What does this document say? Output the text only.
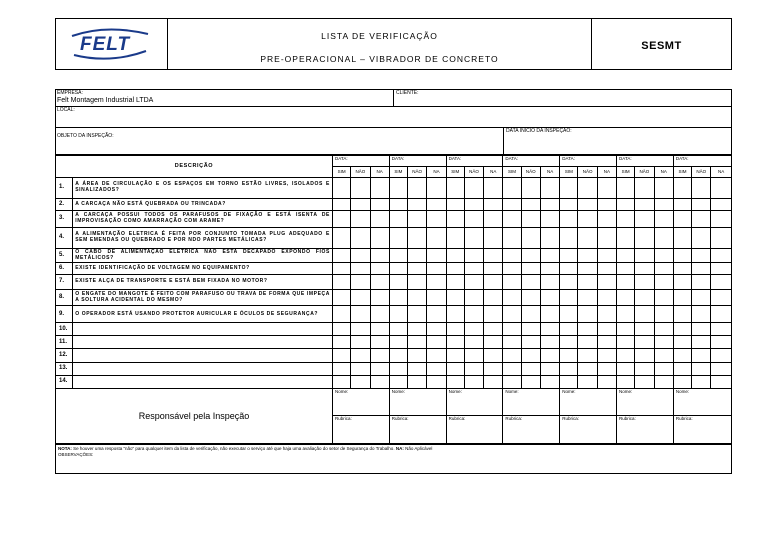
FELT	LISTA DE VERIFICAÇÃO
PRE-OPERACIONAL – VIBRADOR DE CONCRETO
SESMT
EMPRESA:
Felt Montagem Industrial LTDA
CLIENTE:
LOCAL:
OBJETO DA INSPEÇÃO:
DATA INICIO DA INSPEÇÃO:
DESCRIÇÃO		DATA:			DATA:			DATA:			DATA:			DATA:			DATA:			DATA:		
		SIM	NÃO	NA	SIM	NÃO	NA	SIM	NÃO	NA	SIM	NÃO	NA	SIM	NÃO	NA	SIM	NÃO	NA	SIM	NÃO	NA
1.	A ÁREA DE CIRCULAÇÃO E OS ESPAÇOS EM TORNO ESTÃO LIVRES, ISOLADOS E SINALIZADOS?																					
2.	A CARCAÇA NÃO ESTÁ QUEBRADA OU TRINCADA?																					
3.	A CARCAÇA POSSUI TODOS OS PARAFUSOS DE FIXAÇÃO E ESTÁ ISENTA DE IMPROVISAÇÃO COMO AMARRAÇÃO COM ARAME?																					
4.	A ALIMENTAÇÃO ELETRICA É FEITA POR CONJUNTO TOMADA PLUG ADEQUADO E SEM EMENDAS OU QUEBRADO E POR NDO PARTES METÁLICAS?																					
5.	O CABO DE ALIMENTAÇÃO ELETRICA NÃO ESTA DECAPADO EXPONDO FIOS METÁLICOS?																					
6.	EXISTE IDENTIFICAÇÃO DE VOLTAGEM NO EQUIPAMENTO?																					
7.	EXISTE ALÇA DE TRANSPORTE E ESTÁ BEM FIXADA NO MOTOR?																					
8.	O ENGATE DO MANGOTE É FEITO COM PARAFUSO OU TRAVA DE FORMA QUE IMPEÇA A SOLTURA ACIDENTAL DO MESMO?																					
9.	O OPERADOR ESTÁ USANDO PROTETOR AURICULAR E ÓCULOS DE SEGURANÇA?																					
10.																						
11.																						
12.																						
13.																						
14.																						
Responsável pela Inspeção		Nome:			Nome:			Nome:			Nome:			Nome:			Nome:			Nome:		
		Rubrica:			Rubrica:			Rubrica:			Rubrica:			Rubrica:			Rubrica:			Rubrica:		
NOTA: Se houver uma resposta "não" para qualquer item da lista de verificação, não executar o serviço até que haja uma avaliação do setor de Segurança do Trabalho. NA: Não Aplicável
OBSERVAÇÕES:
